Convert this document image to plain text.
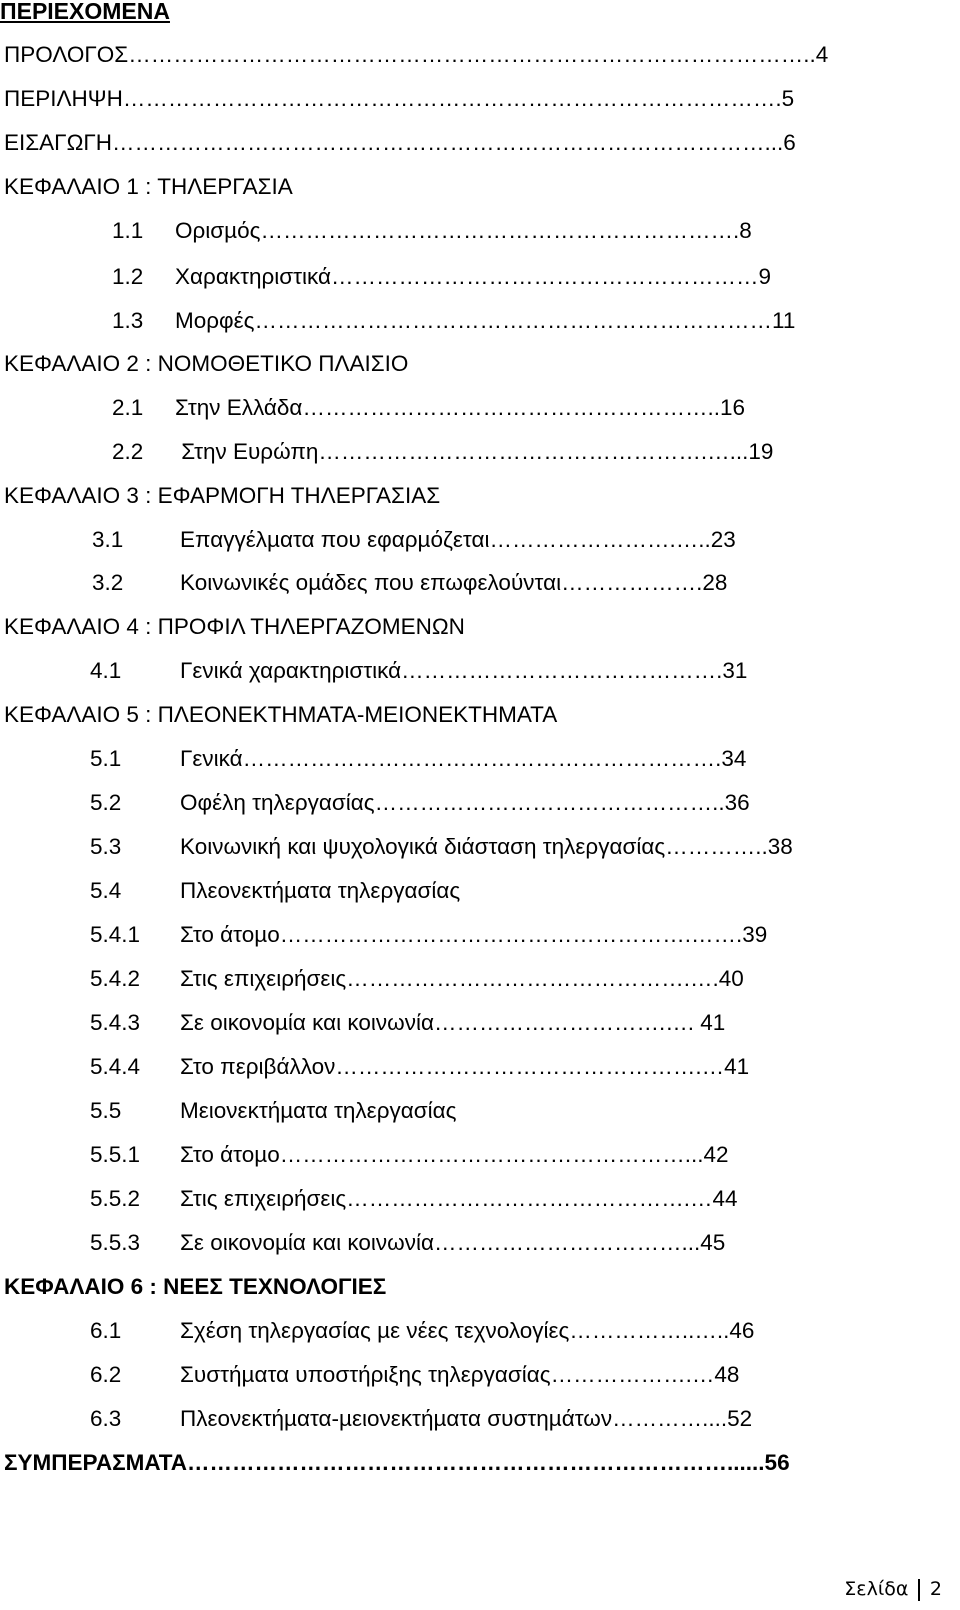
ΠΕΡΙΕΧΟΜΕΝΑ
ΠΡΟΛΟΓΟΣ………………………………………………………………………………..4
ΠΕΡΙΛΗΨΗ…………………………………………………………………………….5
ΕΙΣΑΓΩΓΗ……………………………………………………………………………...6
ΚΕΦΑΛΑΙΟ 1 : ΤΗΛΕΡΓΑΣΙΑ
1.1 Ορισµός……………………………………………………….8
1.2 Χαρακτηριστικά…………………………………………………9
1.3 Μορφές……………………………………………………………11
ΚΕΦΑΛΑΙΟ 2 : ΝΟΜΟΘΕΤΙΚΟ ΠΛΑΙΣΙΟ
2.1 Στην Ελλάδα………………………………………………..16
2.2 Στην Ευρώπη…………………………………………….…...19
ΚΕΦΑΛΑΙΟ 3 : ΕΦΑΡΜΟΓΗ ΤΗΛΕΡΓΑΣΙΑΣ
3.1	Επαγγέλµατα που εφαρµόζεται…………………….…..23
3.2	Κοινωνικές οµάδες που επωφελούνται……………….28
ΚΕΦΑΛΑΙΟ 4 : ΠΡΟΦΙΛ ΤΗΛΕΡΓΑΖΟΜΕΝΩΝ
4.1	Γενικά χαρακτηριστικά…………………………………….31
ΚΕΦΑΛΑΙΟ 5 : ΠΛΕΟΝΕΚΤΗΜΑΤΑ-ΜΕΙΟΝΕΚΤΗΜΑΤΑ
5.1	Γενικά……………………………………………………….34
5.2	Οφέλη τηλεργασίας………………………………………..36
5.3	Κοινωνική και ψυχολογικά διάσταση τηλεργασίας…………..38
5.4	Πλεονεκτήµατα τηλεργασίας
5.4.1 Στο άτοµο……………………………………………….…….39
5.4.2 Στις επιχειρήσεις……………………………………….….40
5.4.3 Σε οικονοµία και κοινωνία………………………….…. 41
5.4.4 Στο περιβάλλον………………………………………….…41
5.5	Μειονεκτήµατα τηλεργασίας
5.5.1 Στο άτοµο………………………………………………...42
5.5.2 Στις επιχειρήσεις……………………………………….…44
5.5.3 Σε οικονοµία και κοινωνία……………………………...45
ΚΕΦΑΛΑΙΟ 6 : ΝΕΕΣ ΤΕΧΝΟΛΟΓΙΕΣ
6.1	Σχέση τηλεργασίας µε νέες τεχνολογίες……………..…..46
6.2	Συστήµατα υποστήριξης τηλεργασίας……………….…48
6.3	Πλεονεκτήµατα-µειονεκτήµατα συστηµάτων…………....52
ΣΥΜΠΕΡΑΣΜΑΤΑ………………………………………………………………......56
Σελίδα 2
